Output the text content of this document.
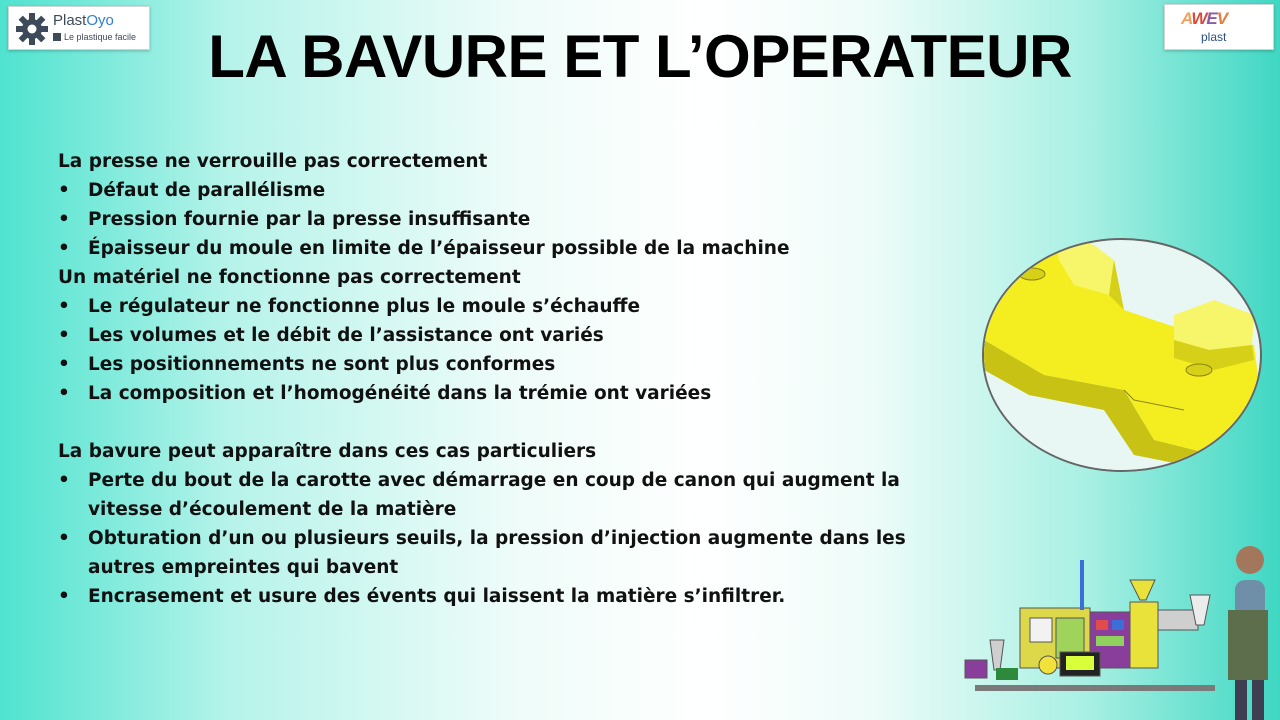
PlastOyo
Le plastique facile
AWEV
plast
LA BAVURE ET L’OPERATEUR
La presse ne verrouille pas correctement
• Défaut de parallélisme
• Pression fournie par la presse insuffisante
• Épaisseur du moule en limite de l’épaisseur possible de la machine
Un matériel ne fonctionne pas correctement
• Le régulateur ne fonctionne plus le moule s’échauffe
• Les volumes et le débit de l’assistance ont variés
• Les positionnements ne sont plus conformes
• La composition et l’homogénéité dans la trémie ont variées
La bavure peut apparaître dans ces cas particuliers
• Perte du bout de la carotte avec démarrage en coup de canon qui augment la vitesse d’écoulement de la matière
• Obturation d’un ou plusieurs seuils, la pression d’injection augmente dans les autres empreintes qui bavent
• Encrasement et usure des évents qui laissent la matière s’infiltrer.
